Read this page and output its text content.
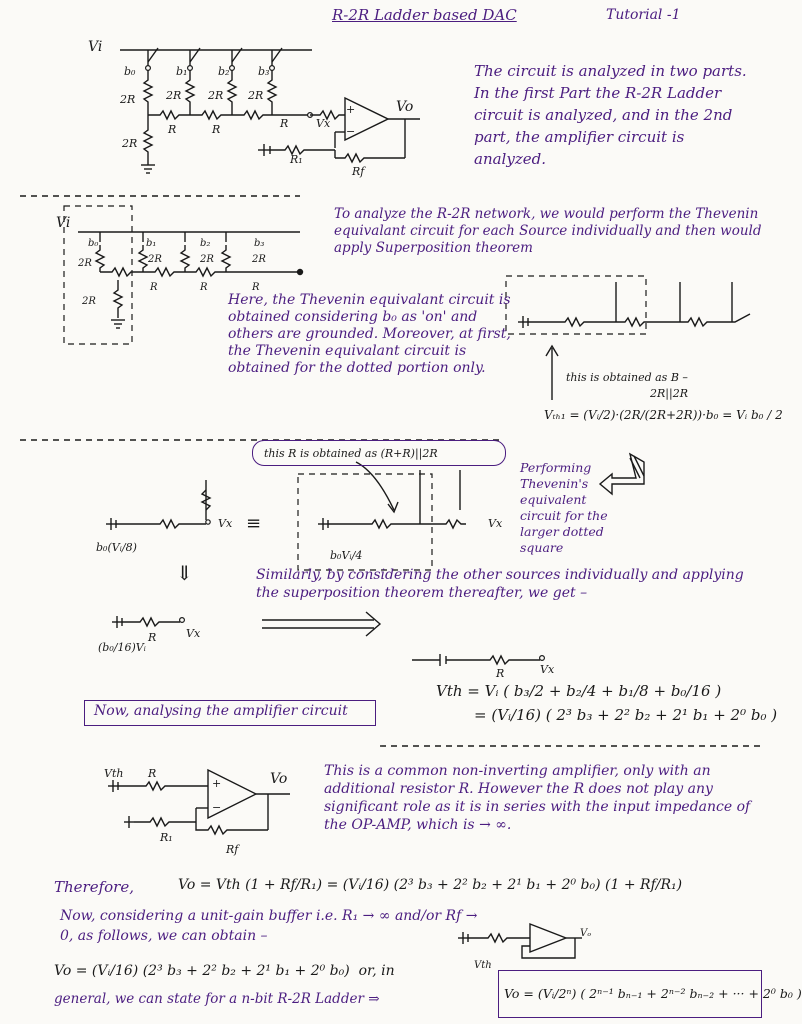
R-2R Ladder based DAC	Tutorial -1
Vi
b₀	b₁	b₂	b₃
2R	2R 2R 2R
2R
R	R	R	Vx
+
−
Vo
R₁
Rf
Vi
b₀	b₁	b₂	b₃
2R	2R	2R	2R
2R
R	R	R
The circuit is analyzed in two parts. In the first Part the R-2R Ladder circuit is analyzed, and in the 2nd part, the amplifier circuit is analyzed.
To analyze the R-2R network, we would perform the Thevenin equivalant circuit for each Source individually and then would apply Superposition theorem
Here, the Thevenin equivalant circuit is obtained considering b₀ as 'on' and others are grounded. Moreover, at first, the Thevenin equivalant circuit is obtained for the dotted portion only.
this is obtained as B –
2R||2R
Vₜₕ₁ = (Vᵢ/2)·(2R/(2R+2R))·b₀ = Vᵢ b₀ / 2
this R is obtained as (R+R)||2R
Performing Thevenin's equivalent circuit for the larger dotted square
≡
b₀(Vᵢ/8)
b₀Vᵢ/4
Vx	Vx
⇓	Similarly, by considering the other sources individually and applying the superposition theorem thereafter, we get –
(b₀/16)Vᵢ
Vx
R
Vx
R
Vth = Vᵢ ( b₃/2 + b₂/4 + b₁/8 + b₀/16 )
= (Vᵢ/16) ( 2³ b₃ + 2² b₂ + 2¹ b₁ + 2⁰ b₀ )
Now, analysing the amplifier circuit
Vth R
+
−
Vo
R₁
Rf
This is a common non-inverting amplifier, only with an additional resistor R. However the R does not play any significant role as it is in series with the input impedance of the OP-AMP, which is → ∞.
Therefore,	Vo = Vth (1 + Rf/R₁) = (Vᵢ/16) (2³ b₃ + 2² b₂ + 2¹ b₁ + 2⁰ b₀) (1 + Rf/R₁)
Now, considering a unit-gain buffer i.e. R₁ → ∞ and/or Rf → 0, as follows, we can obtain –
Vth
Vₒ
Vo = (Vᵢ/16) (2³ b₃ + 2² b₂ + 2¹ b₁ + 2⁰ b₀)  or, in
general, we can state for a n-bit R-2R Ladder ⇒	Vo = (Vᵢ/2ⁿ) ( 2ⁿ⁻¹ bₙ₋₁ + 2ⁿ⁻² bₙ₋₂ + ··· + 2⁰ b₀ )
